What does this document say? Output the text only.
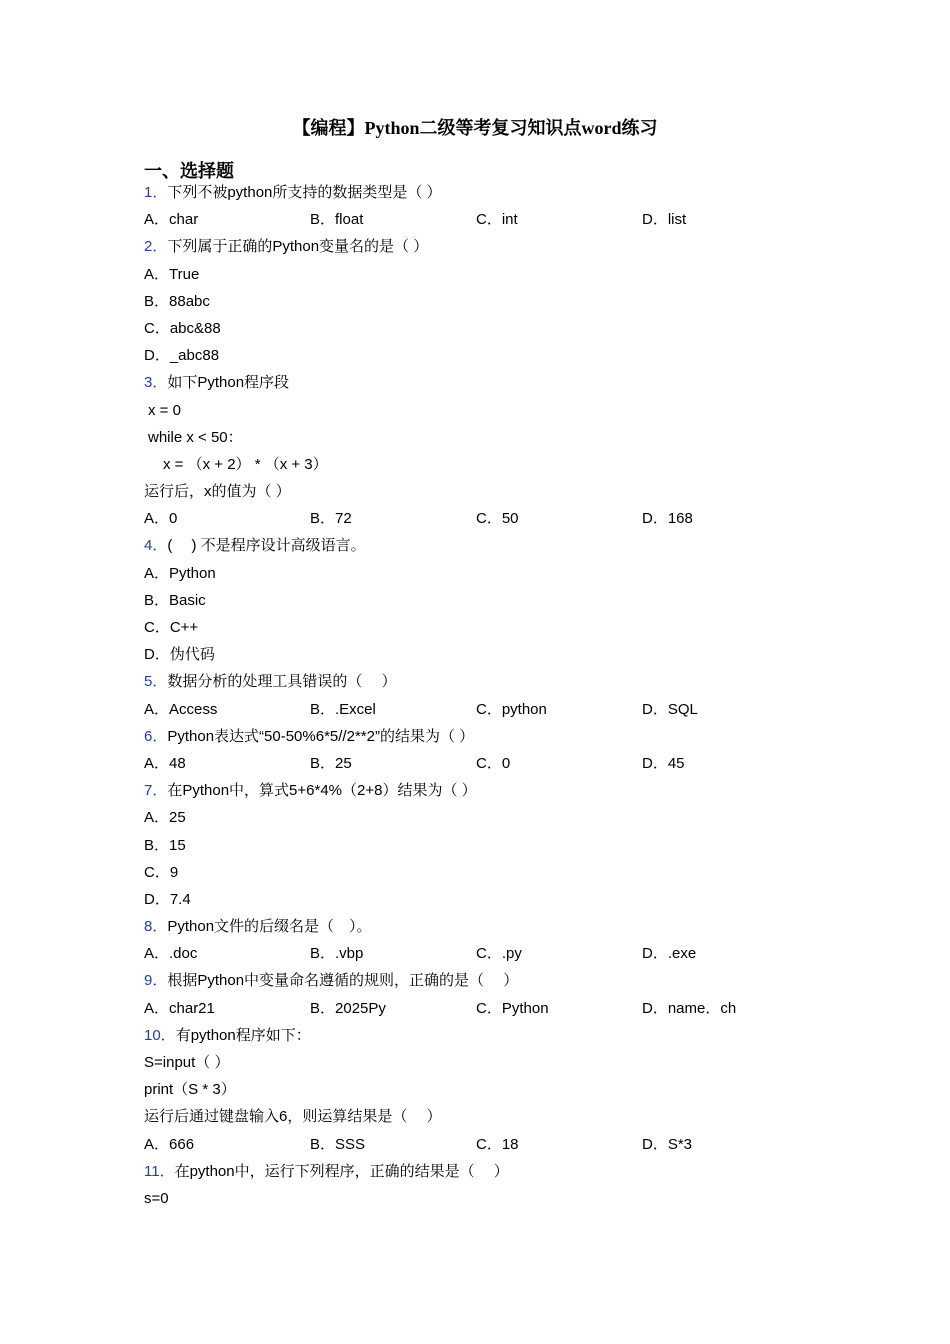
【编程】Python二级等考复习知识点word练习
一、选择题
1．下列不被python所支持的数据类型是（ ）
A．char	B．float	C．int	D．list
2．下列属于正确的Python变量名的是（ ）
A．True
B．88abc
C．abc&88
D．_abc88
3．如下Python程序段
x = 0
while x < 50：
x = （x + 2） * （x + 3）
运行后，x的值为（ ）
A．0	B．72	C．50	D．168
4．(　 ) 不是程序设计高级语言。
A．Python
B．Basic
C．C++
D．伪代码
5．数据分析的处理工具错误的（　 ）
A．Access	B．.Excel	C．python	D．SQL
6．Python表达式“50-50%6*5//2**2”的结果为（ ）
A．48	B．25	C．0	D．45
7．在Python中，算式5+6*4%（2+8）结果为（ ）
A．25
B．15
C．9
D．7.4
8．Python文件的后缀名是（　）。
A．.doc	B．.vbp	C．.py	D．.exe
9．根据Python中变量命名遵循的规则，正确的是（　 ）
A．char21	B．2025Py	C．Python	D．name．ch
10．有python程序如下：
S=input（ ）
print（S * 3）
运行后通过键盘输入6，则运算结果是（　 ）
A．666	B．SSS	C．18	D．S*3
11．在python中，运行下列程序，正确的结果是（　 ）
s=0
